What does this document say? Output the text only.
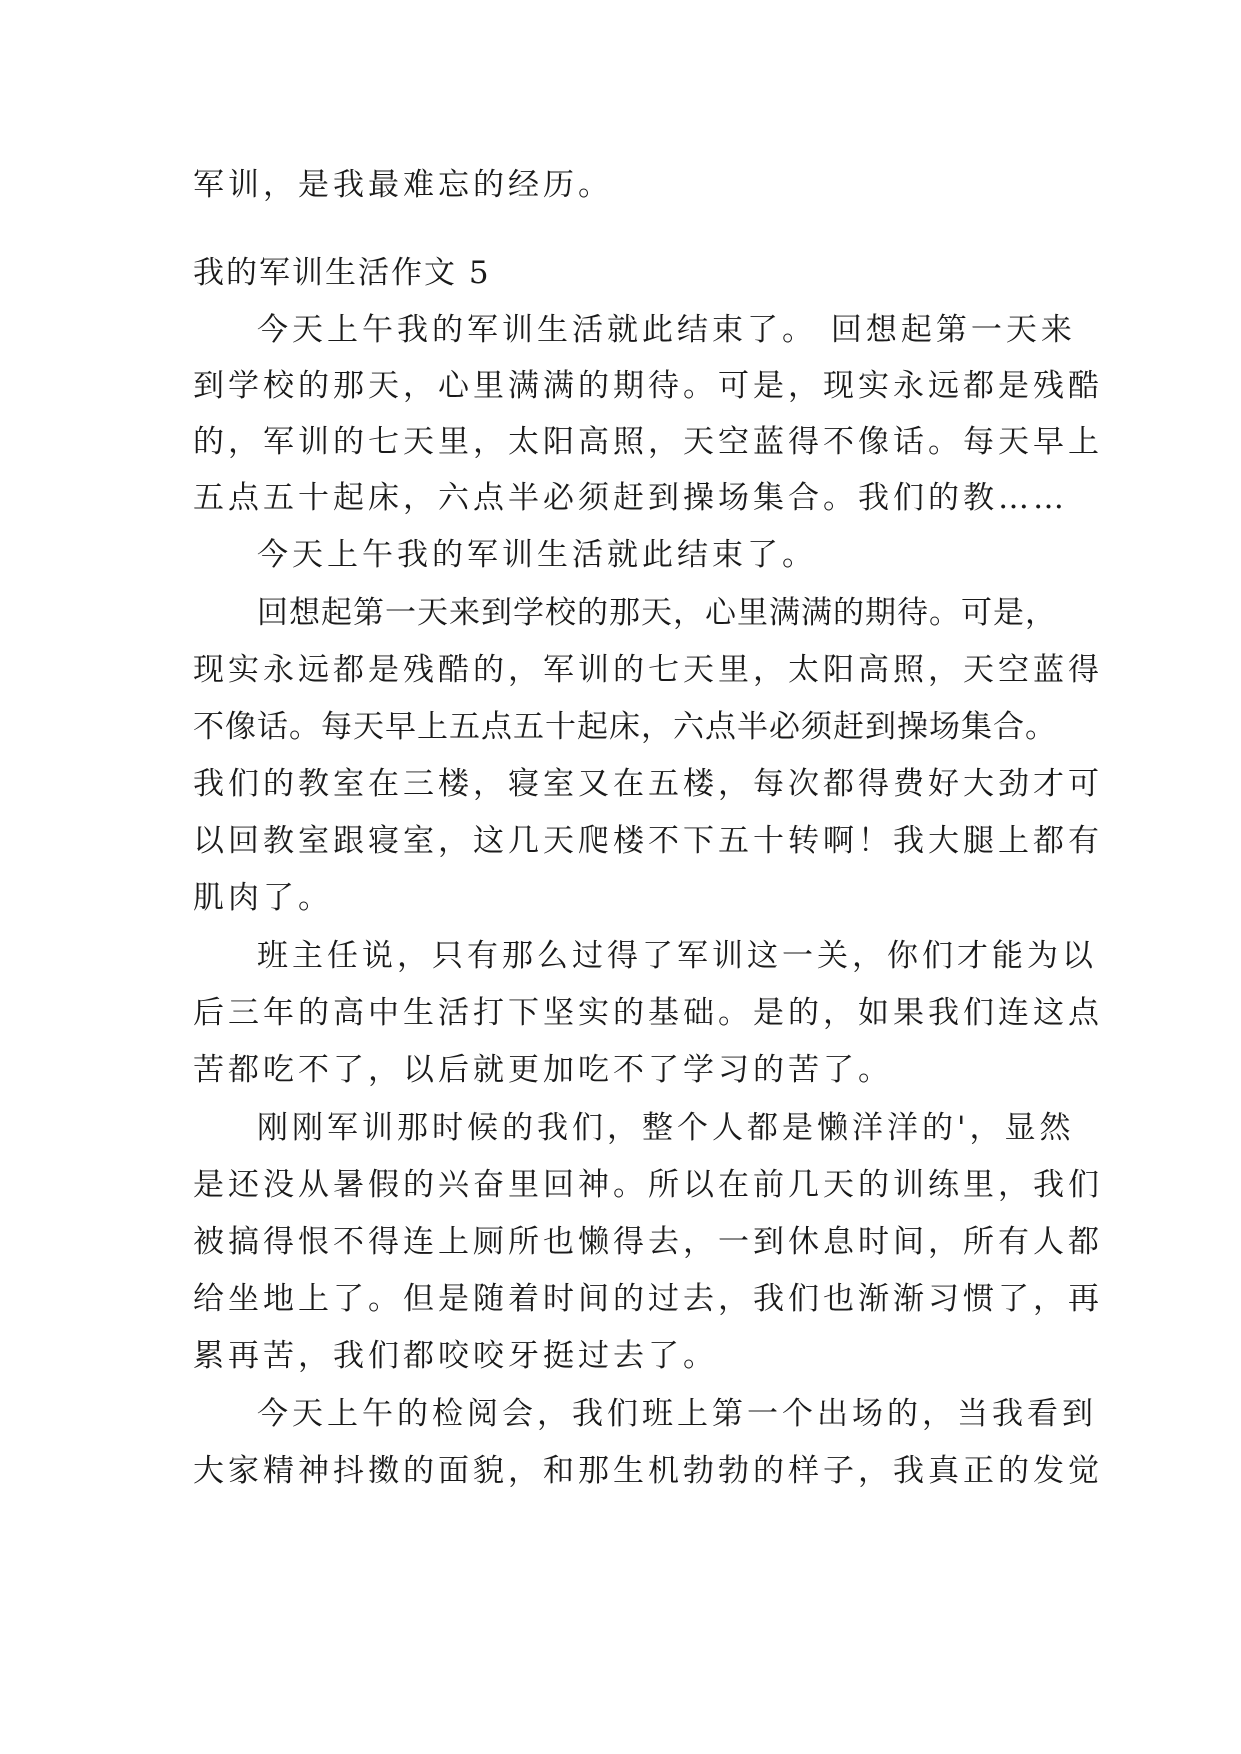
军训，是我最难忘的经历。
我的军训生活作文 5
今天上午我的军训生活就此结束了。 回想起第一天来
到学校的那天，心里满满的期待。可是，现实永远都是残酷
的，军训的七天里，太阳高照，天空蓝得不像话。每天早上
五点五十起床，六点半必须赶到操场集合。我们的教……
今天上午我的军训生活就此结束了。
回想起第一天来到学校的那天，心里满满的期待。可是，
现实永远都是残酷的，军训的七天里，太阳高照，天空蓝得
不像话。每天早上五点五十起床，六点半必须赶到操场集合。
我们的教室在三楼，寝室又在五楼，每次都得费好大劲才可
以回教室跟寝室，这几天爬楼不下五十转啊！我大腿上都有
肌肉了。
班主任说，只有那么过得了军训这一关，你们才能为以
后三年的高中生活打下坚实的基础。是的，如果我们连这点
苦都吃不了，以后就更加吃不了学习的苦了。
刚刚军训那时候的我们，整个人都是懒洋洋的'，显然
是还没从暑假的兴奋里回神。所以在前几天的训练里，我们
被搞得恨不得连上厕所也懒得去，一到休息时间，所有人都
给坐地上了。但是随着时间的过去，我们也渐渐习惯了，再
累再苦，我们都咬咬牙挺过去了。
今天上午的检阅会，我们班上第一个出场的，当我看到
大家精神抖擞的面貌，和那生机勃勃的样子，我真正的发觉
